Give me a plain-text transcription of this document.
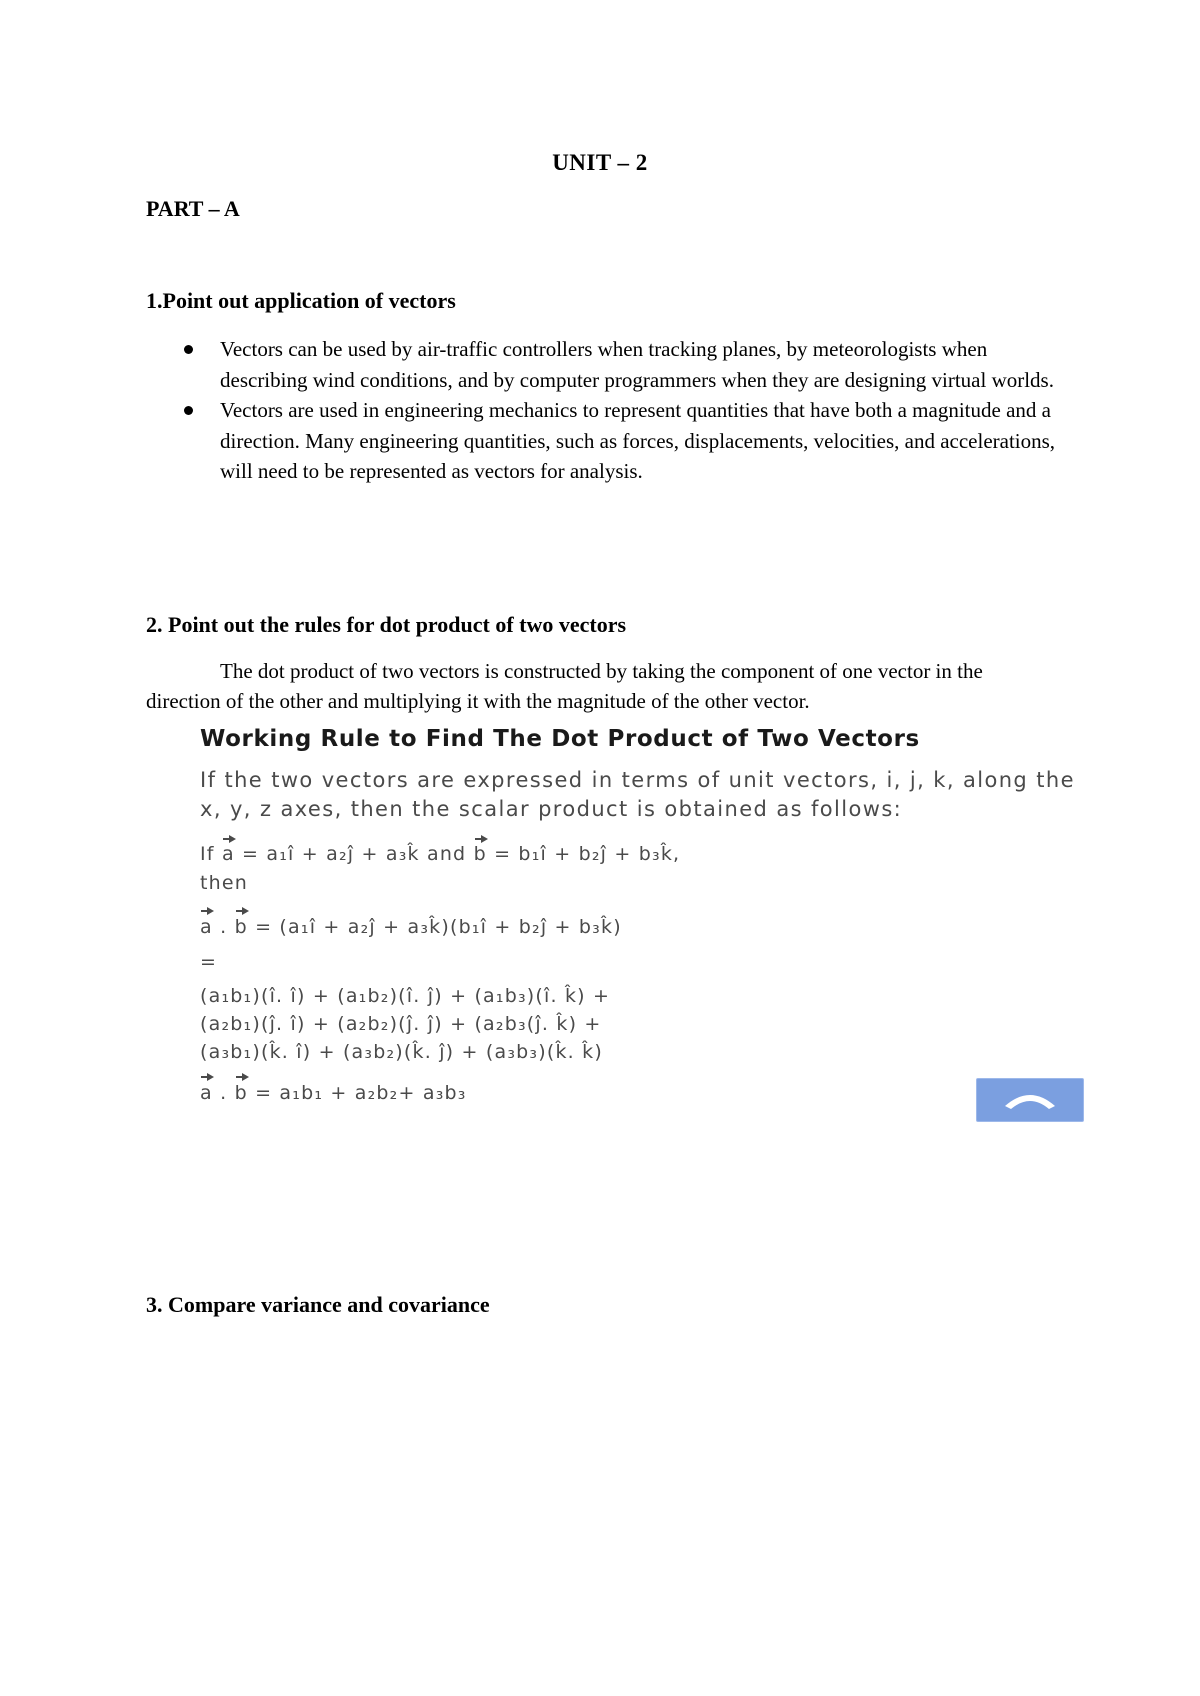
UNIT – 2
PART – A
1.Point out application of vectors
Vectors can be used by air-traffic controllers when tracking planes, by meteorologists when describing wind conditions, and by computer programmers when they are designing virtual worlds.
Vectors are used in engineering mechanics to represent quantities that have both a magnitude and a direction. Many engineering quantities, such as forces, displacements, velocities, and accelerations, will need to be represented as vectors for analysis.
2. Point out the rules for dot product of two vectors

The dot product of two vectors is constructed by taking the component of one vector in the direction of the other and multiplying it with the magnitude of the other vector.

Working Rule to Find The Dot Product of Two Vectors
If the two vectors are expressed in terms of unit vectors, i, j, k, along the x, y, z axes, then the scalar product is obtained as follows:
If a = a₁î + a₂ĵ + a₃k̂ and b = b₁î + b₂ĵ + b₃k̂,
then
a . b = (a₁î + a₂ĵ + a₃k̂)(b₁î + b₂ĵ + b₃k̂)
=
(a₁b₁)(î. î) + (a₁b₂)(î. ĵ) + (a₁b₃)(î. k̂) +
(a₂b₁)(ĵ. î) + (a₂b₂)(ĵ. ĵ) + (a₂b₃(ĵ. k̂) +
(a₃b₁)(k̂. î) + (a₃b₂)(k̂. ĵ) + (a₃b₃)(k̂. k̂)
a . b = a₁b₁ + a₂b₂+ a₃b₃
3. Compare variance and covariance
